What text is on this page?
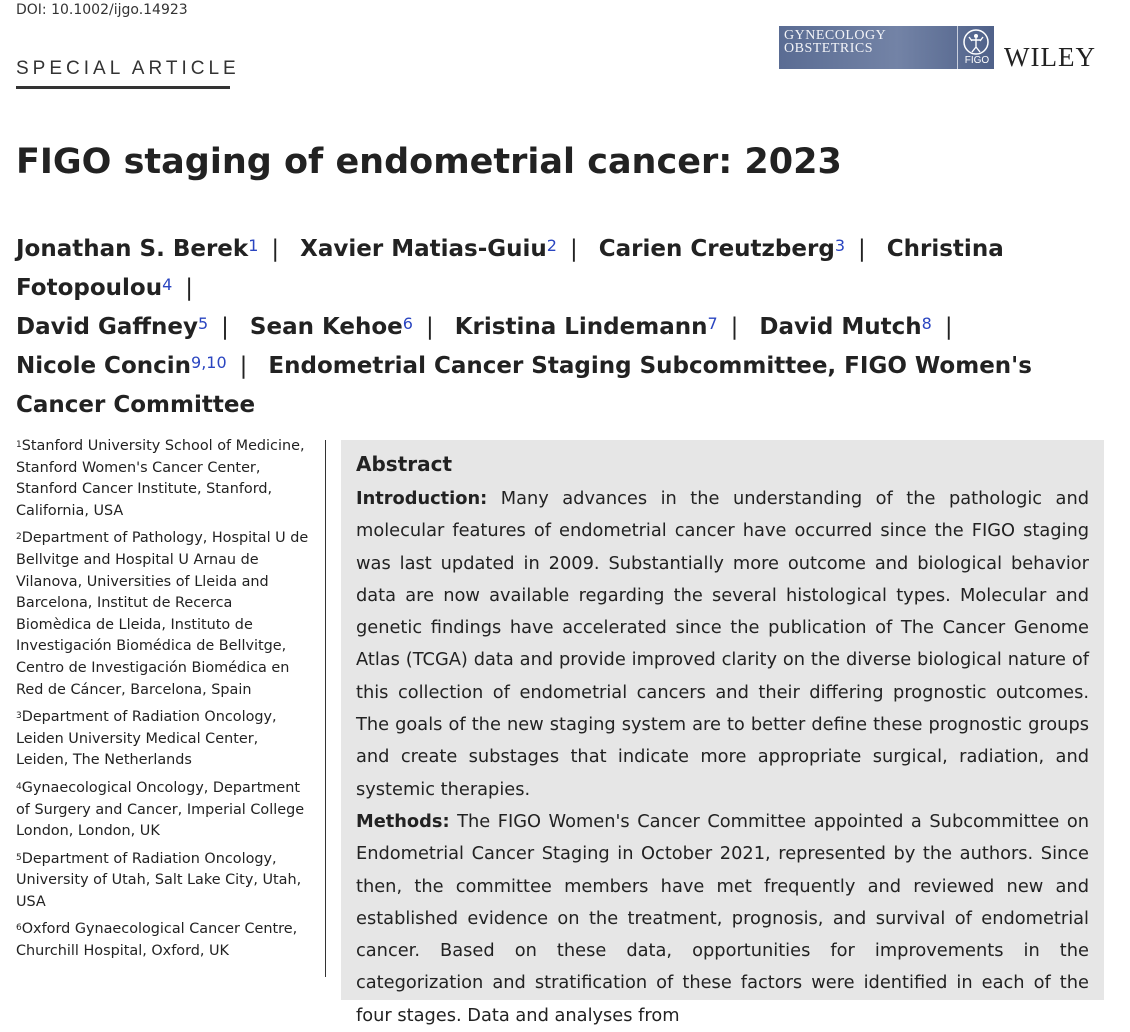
DOI: 10.1002/ijgo.14923
SPECIAL ARTICLE
GYNECOLOGY
OBSTETRICS
FIGO WILEY
FIGO staging of endometrial cancer: 2023
Jonathan S. Berek$^1$ | Xavier Matias-Guiu$^2$ | Carien Creutzberg$^3$ | Christina Fotopoulou$^4$ |
David Gaffney$^5$ | Sean Kehoe$^6$ | Kristina Lindemann$^7$ | David Mutch$^8$ |
Nicole Concin$^{9,10}$ | Endometrial Cancer Staging Subcommittee, FIGO Women's Cancer Committee
$^1$Stanford University School of Medicine, Stanford Women's Cancer Center, Stanford Cancer Institute, Stanford, California, USA
$^2$Department of Pathology, Hospital U de Bellvitge and Hospital U Arnau de Vilanova, Universities of Lleida and Barcelona, Institut de Recerca Biomèdica de Lleida, Instituto de Investigación Biomédica de Bellvitge, Centro de Investigación Biomédica en Red de Cáncer, Barcelona, Spain
$^3$Department of Radiation Oncology, Leiden University Medical Center, Leiden, The Netherlands
$^4$Gynaecological Oncology, Department of Surgery and Cancer, Imperial College London, London, UK
$^5$Department of Radiation Oncology, University of Utah, Salt Lake City, Utah, USA
$^6$Oxford Gynaecological Cancer Centre, Churchill Hospital, Oxford, UK
Abstract

Introduction: Many advances in the understanding of the pathologic and molecular features of endometrial cancer have occurred since the FIGO staging was last updated in 2009. Substantially more outcome and biological behavior data are now available regarding the several histological types. Molecular and genetic findings have accelerated since the publication of The Cancer Genome Atlas (TCGA) data and provide improved clarity on the diverse biological nature of this collection of endometrial cancers and their differing prognostic outcomes. The goals of the new staging system are to better define these prognostic groups and create substages that indicate more appropriate surgical, radiation, and systemic therapies.

Methods: The FIGO Women's Cancer Committee appointed a Subcommittee on Endometrial Cancer Staging in October 2021, represented by the authors. Since then, the committee members have met frequently and reviewed new and established evidence on the treatment, prognosis, and survival of endometrial cancer. Based on these data, opportunities for improvements in the categorization and stratification of these factors were identified in each of the four stages. Data and analyses from
